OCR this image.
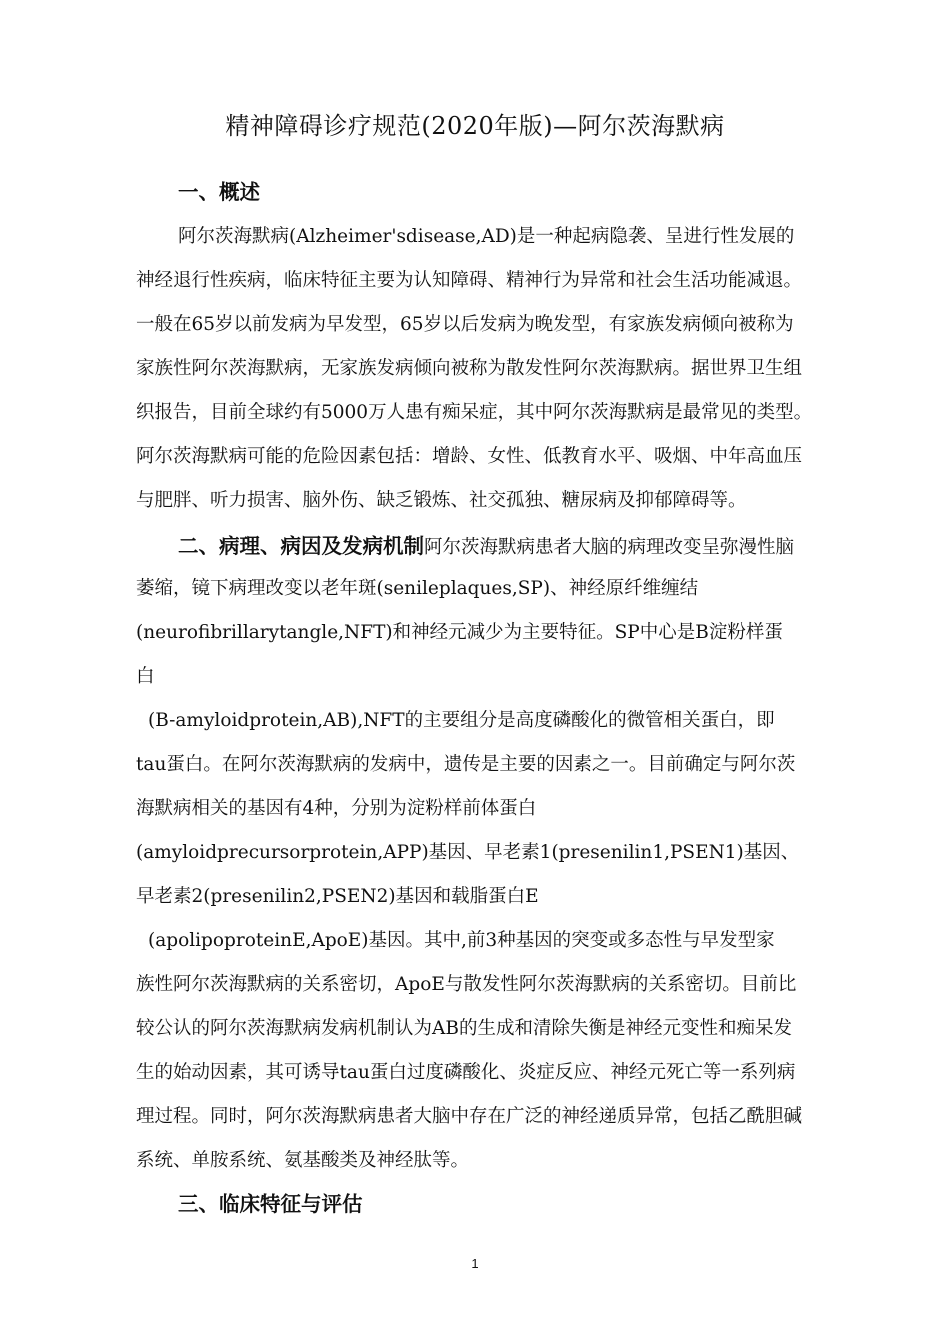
精神障碍诊疗规范(2020年版)—阿尔茨海默病
一、概述
阿尔茨海默病(Alzheimer'sdisease,AD)是一种起病隐袭、呈进行性发展的
神经退行性疾病，临床特征主要为认知障碍、精神行为异常和社会生活功能减退。
一般在65岁以前发病为早发型，65岁以后发病为晚发型，有家族发病倾向被称为
家族性阿尔茨海默病，无家族发病倾向被称为散发性阿尔茨海默病。据世界卫生组
织报告，目前全球约有5000万人患有痴呆症，其中阿尔茨海默病是最常见的类型。
阿尔茨海默病可能的危险因素包括：增龄、女性、低教育水平、吸烟、中年高血压
与肥胖、听力损害、脑外伤、缺乏锻炼、社交孤独、糖尿病及抑郁障碍等。
二、病理、病因及发病机制阿尔茨海默病患者大脑的病理改变呈弥漫性脑
萎缩，镜下病理改变以老年斑(senileplaques,SP)、神经原纤维缠结
(neurofibrillarytangle,NFT)和神经元减少为主要特征。SP中心是B淀粉样蛋
白
(B-amyloidprotein,AB),NFT的主要组分是高度磷酸化的微管相关蛋白，即
tau蛋白。在阿尔茨海默病的发病中，遗传是主要的因素之一。目前确定与阿尔茨
海默病相关的基因有4种，分别为淀粉样前体蛋白
(amyloidprecursorprotein,APP)基因、早老素1(presenilin1,PSEN1)基因、
早老素2(presenilin2,PSEN2)基因和载脂蛋白E
(apolipoproteinE,ApoE)基因。其中,前3种基因的突变或多态性与早发型家
族性阿尔茨海默病的关系密切，ApoE与散发性阿尔茨海默病的关系密切。目前比
较公认的阿尔茨海默病发病机制认为AB的生成和清除失衡是神经元变性和痴呆发
生的始动因素，其可诱导tau蛋白过度磷酸化、炎症反应、神经元死亡等一系列病
理过程。同时，阿尔茨海默病患者大脑中存在广泛的神经递质异常，包括乙酰胆碱
系统、单胺系统、氨基酸类及神经肽等。
三、临床特征与评估
1
